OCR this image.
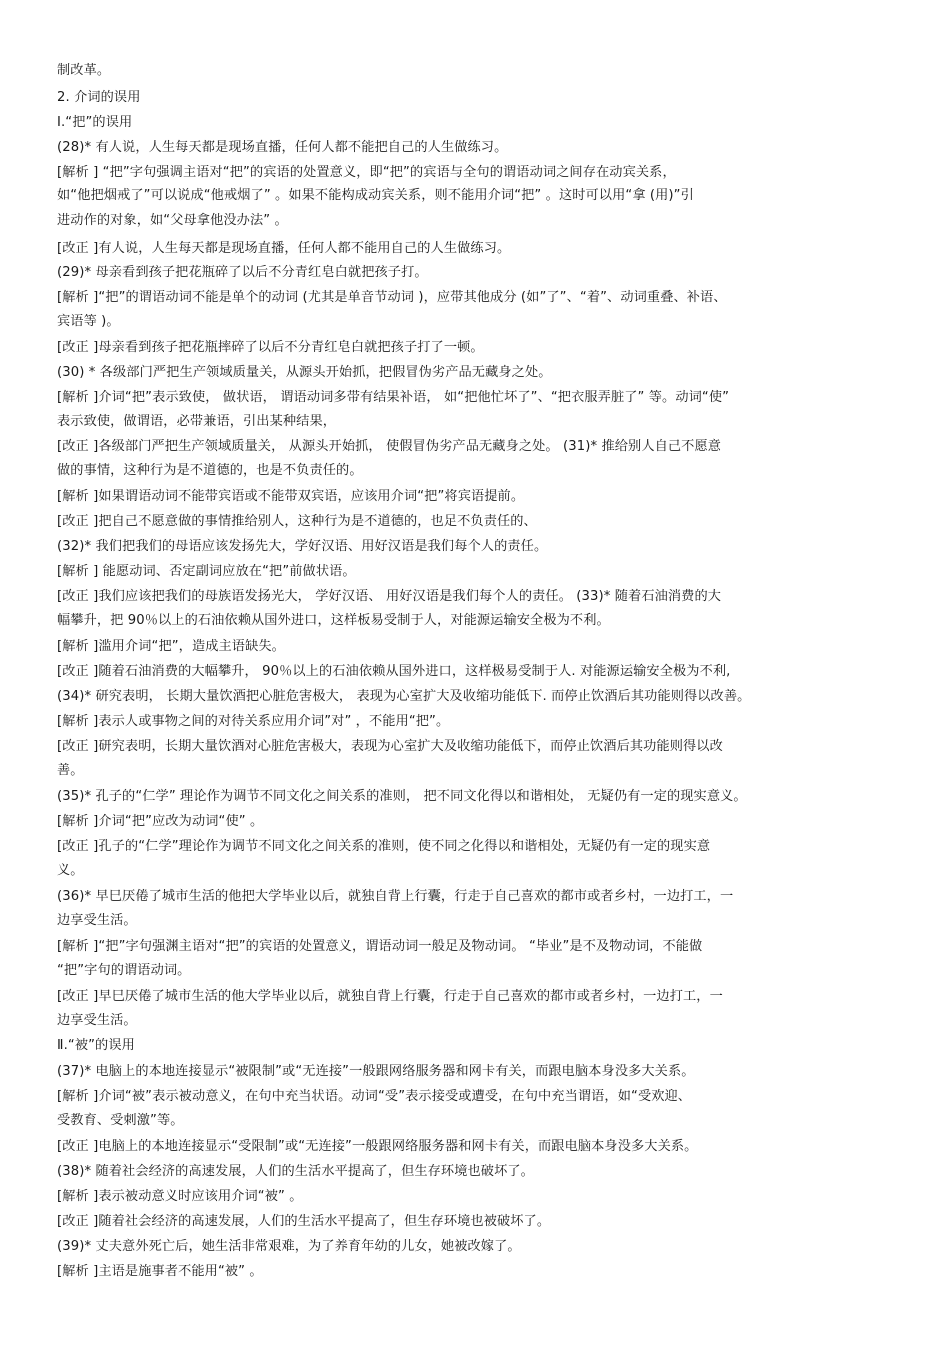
制改革。
2. 介词的误用
I.“把”的误用
(28)* 有人说，人生每天都是现场直播，任何人都不能把自己的人生做练习。
[解析 ] “把”字句强调主语对“把”的宾语的处置意义，即“把”的宾语与全句的谓语动词之间存在动宾关系，
如“他把烟戒了”可以说成“他戒烟了” 。如果不能构成动宾关系，则不能用介词“把” 。这时可以用“拿 (用)”引
进动作的对象，如“父母拿他没办法” 。
[改正 ]有人说，人生每天都是现场直播，任何人都不能用自己的人生做练习。
(29)* 母亲看到孩子把花瓶碎了以后不分青红皂白就把孩子打。
[解析 ]“把”的谓语动词不能是单个的动词 (尤其是单音节动词 )，应带其他成分 (如”了”、“着”、动词重叠、补语、
宾语等 )。
[改正 ]母亲看到孩子把花瓶摔碎了以后不分青红皂白就把孩子打了一顿。
(30) * 各级部门严把生产领域质量关，从源头开始抓，把假冒伪劣产品无藏身之处。
[解析 ]介词“把”表示致使， 做状语， 谓语动词多带有结果补语， 如“把他忙坏了”、“把衣服弄脏了” 等。动词“使”
表示致使，做谓语，必带兼语，引出某种结果，
[改正 ]各级部门严把生产领域质量关， 从源头开始抓， 使假冒伪劣产品无藏身之处。 (31)* 推给别人自己不愿意
做的事情，这种行为是不道德的，也是不负责任的。
[解析 ]如果谓语动词不能带宾语或不能带双宾语，应该用介词“把”将宾语提前。
[改正 ]把自己不愿意做的事情推给别人，这种行为是不道德的，也足不负责任的、
(32)* 我们把我们的母语应该发扬先大，学好汉语、用好汉语是我们每个人的责任。
[解析 ] 能愿动词、否定副词应放在“把”前做状语。
[改正 ]我们应该把我们的母族语发扬光大， 学好汉语、 用好汉语是我们每个人的责任。 (33)* 随着石油消费的大
幅攀升，把 90％以上的石油依赖从国外进口，这样板易受制于人，对能源运输安全极为不利。
[解析 ]滥用介词“把”，造成主语缺失。
[改正 ]随着石油消费的大幅攀升， 90％以上的石油依赖从国外进口，这样极易受制于人. 对能源运输安全极为不利,
(34)* 研究表明， 长期大量饮酒把心脏危害极大， 表现为心室扩大及收缩功能低下. 而停止饮酒后其功能则得以改善。
[解析 ]表示人或事物之间的对待关系应用介词”对” ，不能用“把”。
[改正 ]研究表明，长期大量饮酒对心脏危害极大，表现为心室扩大及收缩功能低下，而停止饮酒后其功能则得以改
善。
(35)* 孔子的“仁学” 理论作为调节不同文化之间关系的准则， 把不同文化得以和谐相处， 无疑仍有一定的现实意义。
[解析 ]介词“把”应改为动词“使” 。
[改正 ]孔子的“仁学”理论作为调节不同文化之间关系的准则，使不同之化得以和谐相处，无疑仍有一定的现实意
义。
(36)* 早巳厌倦了城市生活的他把大学毕业以后，就独自背上行囊，行走于自己喜欢的都市或者乡村，一边打工，一
边享受生活。
[解析 ]“把”字句强渊主语对“把”的宾语的处置意义，谓语动词一般足及物动词。 “毕业”是不及物动词，不能做
“把”字句的谓语动词。
[改正 ]早巳厌倦了城市生活的他大学毕业以后，就独自背上行囊，行走于自己喜欢的都市或者乡村，一边打工，一
边享受生活。
Ⅱ.“被”的误用
(37)* 电脑上的本地连接显示“被限制”或“无连接”一般跟网络服务器和网卡有关，而跟电脑本身没多大关系。
[解析 ]介词“被”表示被动意义，在句中充当状语。动词“受”表示接受或遭受，在句中充当谓语，如“受欢迎、
受教育、受刺激”等。
[改正 ]电脑上的本地连接显示“受限制”或“无连接”一般跟网络服务器和网卡有关，而跟电脑本身没多大关系。
(38)* 随着社会经济的高速发展，人们的生活水平提高了，但生存环境也破坏了。
[解析 ]表示被动意义时应该用介词“被” 。
[改正 ]随着社会经济的高速发展，人们的生活水平提高了，但生存环境也被破坏了。
(39)* 丈夫意外死亡后，她生活非常艰难，为了养育年幼的儿女，她被改嫁了。
[解析 ]主语是施事者不能用“被” 。
